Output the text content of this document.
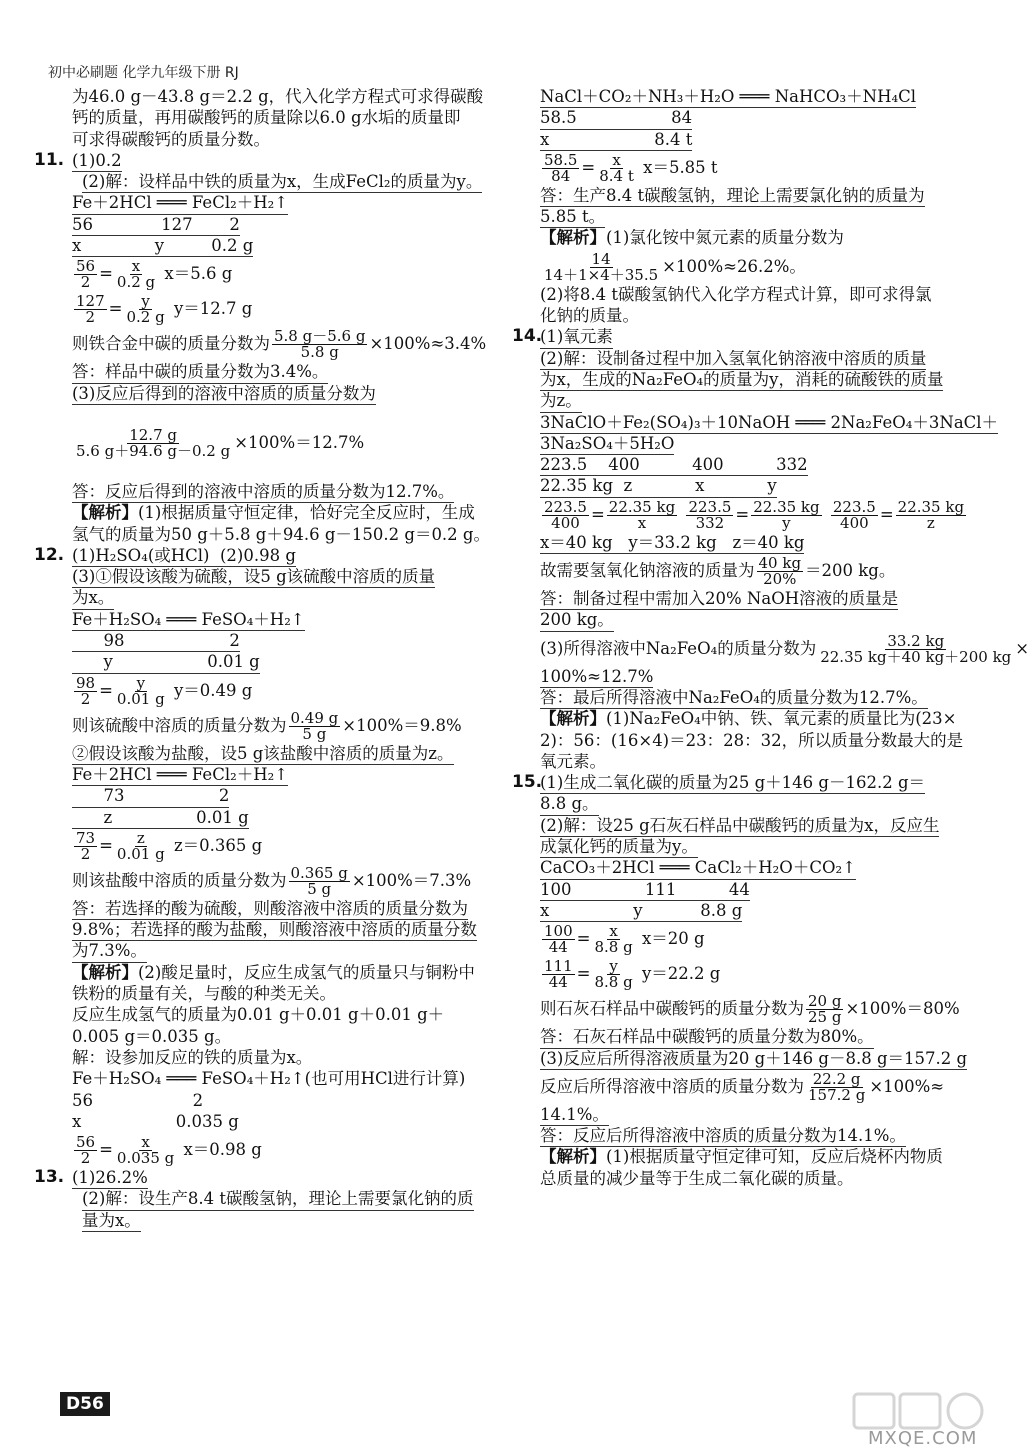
初中必刷题 化学九年级下册 RJ
为46.0 g－43.8 g＝2.2 g，代入化学方程式可求得碳酸
钙的质量，再用碳酸钙的质量除以6.0 g水垢的质量即
可求得碳酸钙的质量分数。
11. (1)0.2
(2)解：设样品中铁的质量为x，生成FeCl₂的质量为y。
Fe＋2HCl ═══ FeCl₂＋H₂↑
56             127       2
x              y         0.2 g
$\frac{56}{2} = \frac{x}{0.2 g} x=5.6$ g
$\frac{127}{2} = \frac{y}{0.2 g} y=12.7$ g
则铁合金中碳的质量分数为 $\frac{5.8 g-5.6 g}{5.8 g} \times 100\%\approx 3.4\%$
答：样品中碳的质量分数为3.4%。
(3)反应后得到的溶液中溶质的质量分数为
$\frac{12.7 g}{5.6 g+94.6 g-0.2 g} \times 100\%=12.7\%$
答：反应后得到的溶液中溶质的质量分数为12.7%。
【解析】(1)根据质量守恒定律，恰好完全反应时，生成
氢气的质量为50 g＋5.8 g＋94.6 g－150.2 g＝0.2 g。
12. (1)H₂SO₄(或HCl)  (2)0.98 g
(3)①假设该酸为硫酸，设5 g该硫酸中溶质的质量
为x。
Fe＋H₂SO₄ ═══ FeSO₄＋H₂↑
98                    2
y                  0.01 g
$\frac{98}{2} = \frac{y}{0.01 g} y=0.49$ g
则该硫酸中溶质的质量分数为 $\frac{0.49 g}{5 g} \times 100\%=9.8\%$
②假设该酸为盐酸，设5 g该盐酸中溶质的质量为z。
Fe＋2HCl ═══ FeCl₂＋H₂↑
73                  2
z                0.01 g
$\frac{73}{2} = \frac{z}{0.01 g} z=0.365$ g
则该盐酸中溶质的质量分数为 $\frac{0.365 g}{5 g} \times 100\%=7.3\%$
答：若选择的酸为硫酸，则酸溶液中溶质的质量分数为
9.8%；若选择的酸为盐酸，则酸溶液中溶质的质量分数
为7.3%。
【解析】(2)酸足量时，反应生成氢气的质量只与铜粉中
铁粉的质量有关，与酸的种类无关。
反应生成氢气的质量为0.01 g＋0.01 g＋0.01 g＋
0.005 g＝0.035 g。
解：设参加反应的铁的质量为x。
Fe＋H₂SO₄ ═══ FeSO₄＋H₂↑(也可用HCl进行计算)
56                   2
x                  0.035 g
$\frac{56}{2} = \frac{x}{0.035 g} x=0.98$ g
13. (1)26.2%
(2)解：设生产8.4 t碳酸氢钠，理论上需要氯化钠的质
量为x。
NaCl＋CO₂＋NH₃＋H₂O ═══ NaHCO₃＋NH₄Cl
58.5                  84
x                    8.4 t
$\frac{58.5}{84} = \frac{x}{8.4 t} x=5.85$ t
答：生产8.4 t碳酸氢钠，理论上需要氯化钠的质量为
5.85 t。
【解析】(1)氯化铵中氮元素的质量分数为
$\frac{14}{14+1\times 4+35.5} \times 100\%\approx 26.2\%$。
(2)将8.4 t碳酸氢钠代入化学方程式计算，即可求得氯
化钠的质量。
14.
(1)氧元素
(2)解：设制备过程中加入氢氧化钠溶液中溶质的质量
为x，生成的Na₂FeO₄的质量为y，消耗的硫酸铁的质量
为z。
3NaClO＋Fe₂(SO₄)₃＋10NaOH ═══ 2Na₂FeO₄＋3NaCl＋
3Na₂SO₄＋5H₂O
223.5    400          400          332
22.35 kg  z            x            y
$\frac{223.5}{400} = \frac{22.35 kg}{x}$
$\frac{223.5}{332} = \frac{22.35 kg}{y}$
$\frac{223.5}{400} = \frac{22.35 kg}{z}$
x＝40 kg   y＝33.2 kg   z＝40 kg
故需要氢氧化钠溶液的质量为 $\frac{40 kg}{20\%} =200$ kg。
答：制备过程中需加入20% NaOH溶液的质量是
200 kg。
(3)所得溶液中Na₂FeO₄的质量分数为 $\frac{33.2 kg}{22.35 kg+40 kg+200 kg}$ ×
100%≈12.7%
答：最后所得溶液中Na₂FeO₄的质量分数为12.7%。
【解析】(1)Na₂FeO₄中钠、铁、氧元素的质量比为(23×
2)：56：(16×4)＝23：28：32，所以质量分数最大的是
氧元素。
15.
(1)生成二氧化碳的质量为25 g＋146 g－162.2 g＝
8.8 g。
(2)解：设25 g石灰石样品中碳酸钙的质量为x，反应生
成氯化钙的质量为y。
CaCO₃＋2HCl ═══ CaCl₂＋H₂O＋CO₂↑
100              111          44
x                y           8.8 g
$\frac{100}{44} = \frac{x}{8.8 g} x=20$ g
$\frac{111}{44} = \frac{y}{8.8 g} y=22.2$ g
则石灰石样品中碳酸钙的质量分数为 $\frac{20 g}{25 g} \times 100\%=80\%$
答：石灰石样品中碳酸钙的质量分数为80%。
(3)反应后所得溶液质量为20 g＋146 g－8.8 g＝157.2 g
反应后所得溶液中溶质的质量分数为 $\frac{22.2 g}{157.2 g} \times 100\%\approx$
14.1%。
答：反应后所得溶液中溶质的质量分数为14.1%。
【解析】(1)根据质量守恒定律可知，反应后烧杯内物质
总质量的减少量等于生成二氧化碳的质量。
D56
MXQE.COM
